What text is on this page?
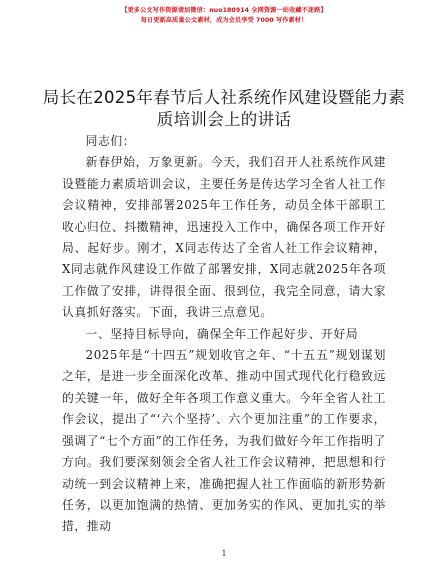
【更多公文写作资源请加微信：nuo180914 全网资源一站收藏不迷路】
每日更新高质量公文素材，成为会员享受 7000 写作素材！
局长在2025年春节后人社系统作风建设暨能力素质培训会上的讲话

同志们：

新春伊始，万象更新。今天，我们召开人社系统作风建设暨能力素质培训会议，主要任务是传达学习全省人社工作会议精神，安排部署2025年工作任务，动员全体干部职工收心归位、抖擞精神，迅速投入工作中，确保各项工作开好局、起好步。刚才，X同志传达了全省人社工作会议精神，X同志就作风建设工作做了部署安排，X同志就2025年各项工作做了安排，讲得很全面、很到位，我完全同意，请大家认真抓好落实。下面，我讲三点意见。

一、坚持目标导向，确保全年工作起好步、开好局

2025年是“十四五”规划收官之年、“十五五”规划谋划之年，是进一步全面深化改革、推动中国式现代化行稳致远的关键一年，做好全年各项工作意义重大。今年全省人社工作会议，提出了“‘六个坚持’、六个更加注重”的工作要求，强调了“七个方面”的工作任务，为我们做好今年工作指明了方向。我们要深刻领会全省人社工作会议精神，把思想和行动统一到会议精神上来，准确把握人社工作面临的新形势新任务，以更加饱满的热情、更加务实的作风、更加扎实的举措，推动

1
